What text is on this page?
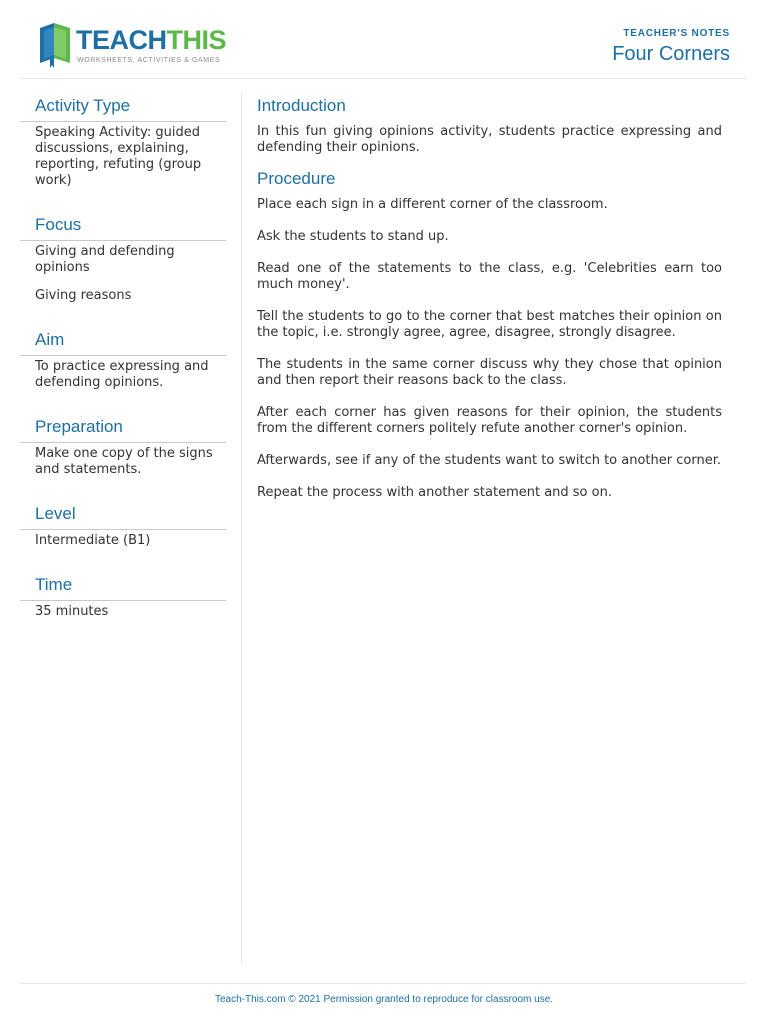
TEACHTHIS
WORKSHEETS, ACTIVITIES & GAMES
TEACHER'S NOTES
Four Corners
Activity Type
Speaking Activity: guided discussions, explaining, reporting, refuting (group work)
Focus
Giving and defending opinions
Giving reasons
Aim
To practice expressing and defending opinions.
Preparation
Make one copy of the signs and statements.
Level
Intermediate (B1)
Time
35 minutes
Introduction

In this fun giving opinions activity, students practice expressing and defending their opinions.

Procedure

Place each sign in a different corner of the classroom.

Ask the students to stand up.

Read one of the statements to the class, e.g. 'Celebrities earn too much money'.

Tell the students to go to the corner that best matches their opinion on the topic, i.e. strongly agree, agree, disagree, strongly disagree.

The students in the same corner discuss why they chose that opinion and then report their reasons back to the class.

After each corner has given reasons for their opinion, the students from the different corners politely refute another corner's opinion.

Afterwards, see if any of the students want to switch to another corner.

Repeat the process with another statement and so on.

Teach-This.com © 2021 Permission granted to reproduce for classroom use.
